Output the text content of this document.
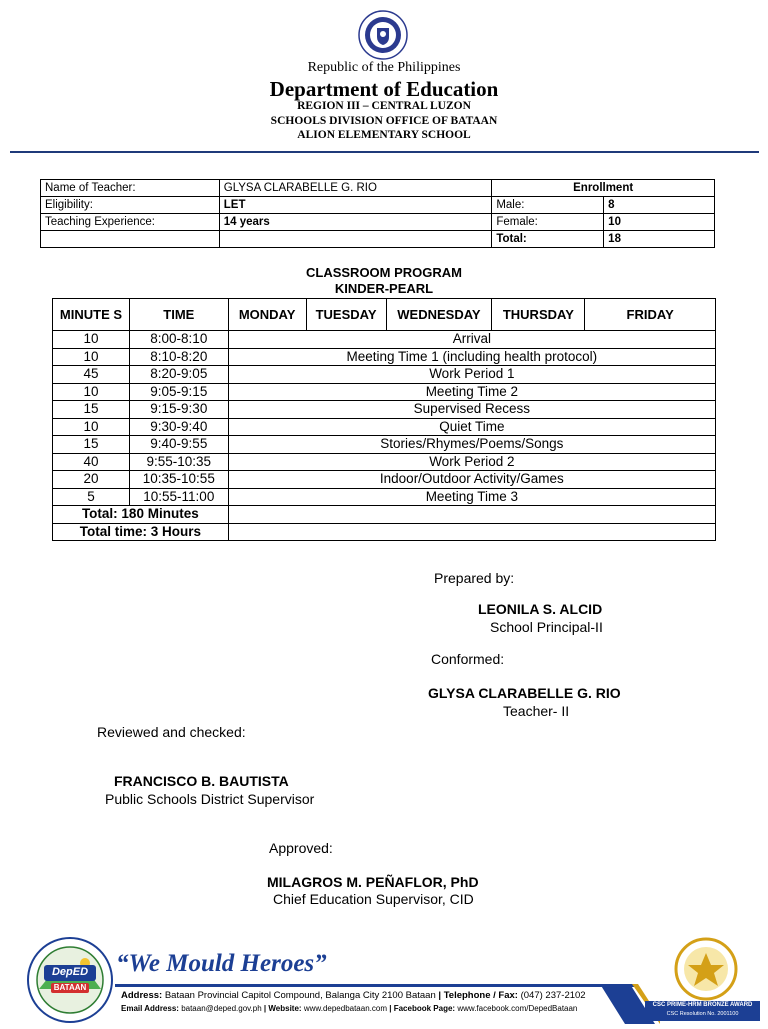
Republic of the Philippines
Department of Education
REGION III – CENTRAL LUZON
SCHOOLS DIVISION OFFICE OF BATAAN
ALION ELEMENTARY SCHOOL
Name of Teacher:	GLYSA CLARABELLE G. RIO	Enrollment	
Eligibility:	LET	Male:	8
Teaching Experience:	14 years	Female:	10
		Total:	18
CLASSROOM PROGRAM
KINDER-PEARL
MINUTE S	TIME	MONDAY	TUESDAY	WEDNESDAY	THURSDAY	FRIDAY
10	8:00-8:10	Arrival				
10	8:10-8:20	Meeting Time 1 (including health protocol)				
45	8:20-9:05	Work Period 1				
10	9:05-9:15	Meeting Time 2				
15	9:15-9:30	Supervised Recess				
10	9:30-9:40	Quiet Time				
15	9:40-9:55	Stories/Rhymes/Poems/Songs				
40	9:55-10:35	Work Period 2				
20	10:35-10:55	Indoor/Outdoor Activity/Games				
5	10:55-11:00	Meeting Time 3				
Total: 180 Minutes						
Total time: 3 Hours						
Prepared by:
LEONILA S. ALCID
School Principal-II
Conformed:
GLYSA CLARABELLE G. RIO
Teacher- II
Reviewed and checked:
FRANCISCO B. BAUTISTA
Public Schools District Supervisor
Approved:
MILAGROS M. PEÑAFLOR, PhD
Chief Education Supervisor, CID
DepED
BATAAN
“We Mould Heroes”
Address: Bataan Provincial Capitol Compound, Balanga City 2100 Bataan | Telephone / Fax: (047) 237-2102
Email Address: bataan@deped.gov.ph | Website: www.depedbataan.com | Facebook Page: www.facebook.com/DepedBataan	CSC PRIME-HRM BRONZE AWARD
CSC Resolution No. 2001100
